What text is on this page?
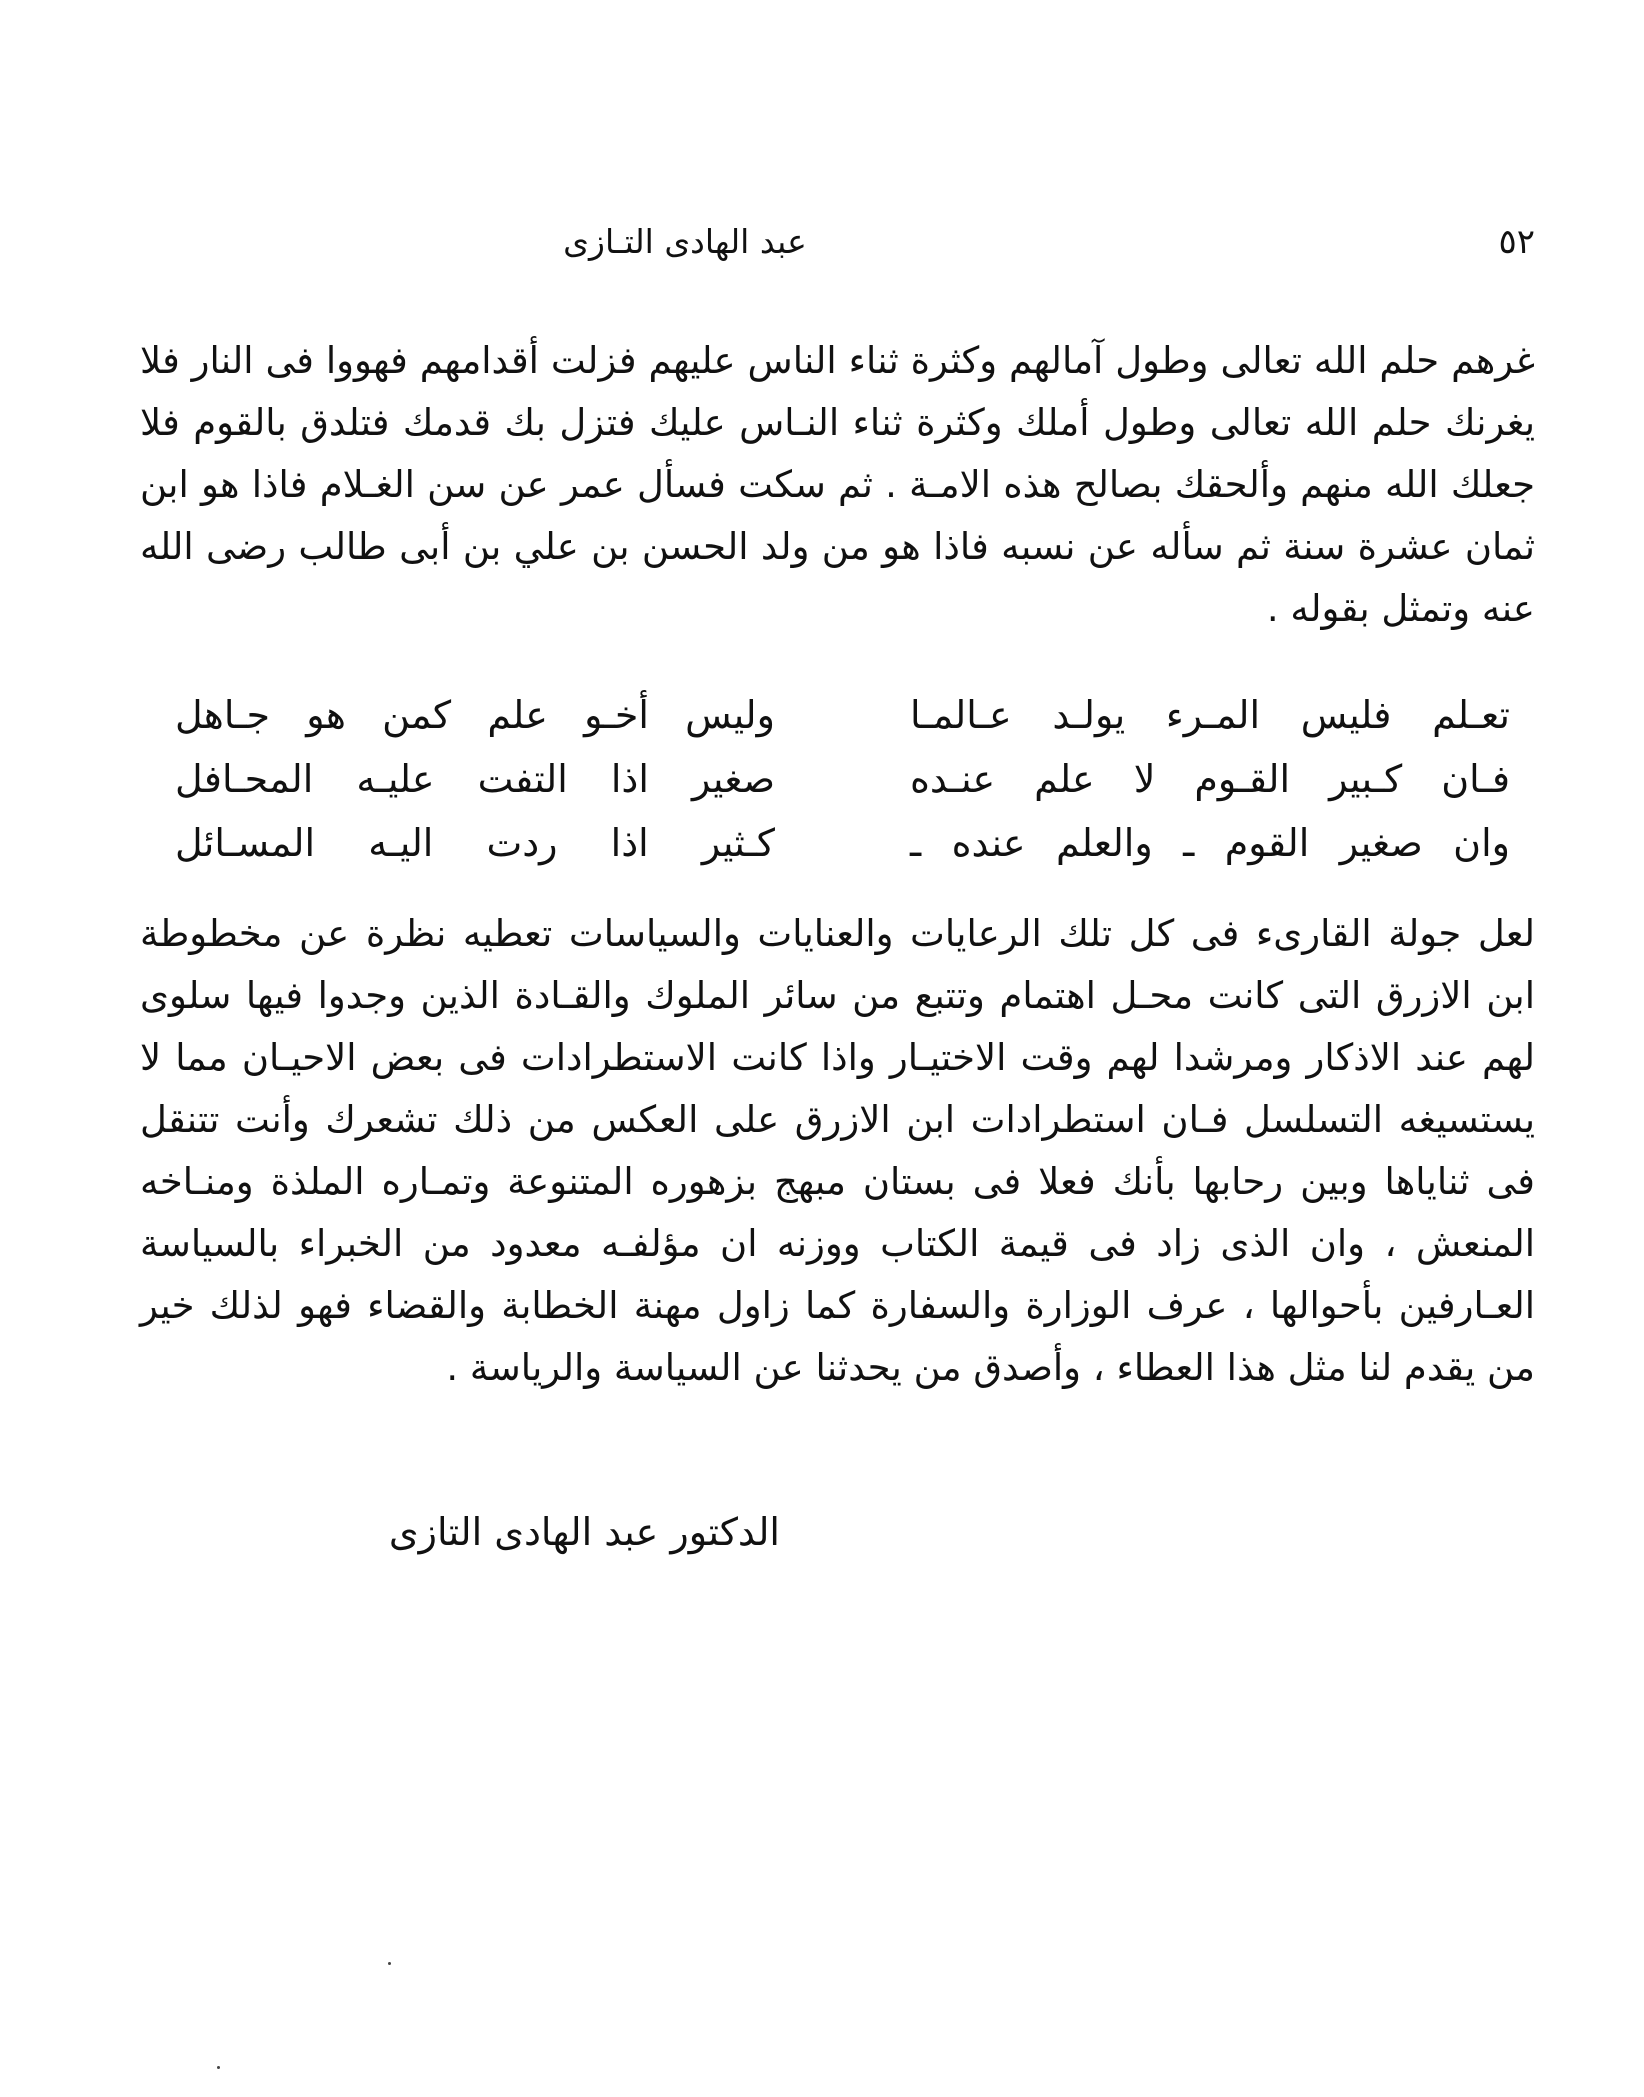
٥٢
عبد الهادى التـازى

غرهم حلم الله تعالى وطول آمالهم وكثرة ثناء الناس عليهم فزلت أقدامهم فهووا فى النار فلا يغرنك حلم الله تعالى وطول أملك وكثرة ثناء النـاس عليك فتزل بك قدمك فتلدق بالقوم فلا جعلك الله منهم وألحقك بصالح هذه الامـة . ثم سكت فسأل عمر عن سن الغـلام فاذا هو ابن ثمان عشرة سنة ثم سأله عن نسبه فاذا هو من ولد الحسن بن علي بن أبى طالب رضى الله عنه وتمثل بقوله .

تعـلم فليس المـرء يولـد عـالمـا
وليس أخـو علم كمن هو جـاهل
فـان كـبير القـوم لا علم عنـده
صغير اذا التفت عليـه المحـافل
وان صغير القوم ـ والعلم عنده ـ
كـثير اذا ردت اليـه المسـائل

لعل جولة القارىء فى كل تلك الرعايات والعنايات والسياسات تعطيه نظرة عن مخطوطة ابن الازرق التى كانت محـل اهتمام وتتبع من سائر الملوك والقـادة الذين وجدوا فيها سلوى لهم عند الاذكار ومرشدا لهم وقت الاختيـار واذا كانت الاستطرادات فى بعض الاحيـان مما لا يستسيغه التسلسل فـان استطرادات ابن الازرق على العكس من ذلك تشعرك وأنت تتنقل فى ثناياها وبين رحابها بأنك فعلا فى بستان مبهج بزهوره المتنوعة وتمـاره الملذة ومنـاخه المنعش ، وان الذى زاد فى قيمة الكتاب ووزنه ان مؤلفـه معدود من الخبراء بالسياسة العـارفين بأحوالها ، عرف الوزارة والسفارة كما زاول مهنة الخطابة والقضاء فهو لذلك خير من يقدم لنا مثل هذا العطاء ، وأصدق من يحدثنا عن السياسة والرياسة .

الدكتور عبد الهادى التازى
